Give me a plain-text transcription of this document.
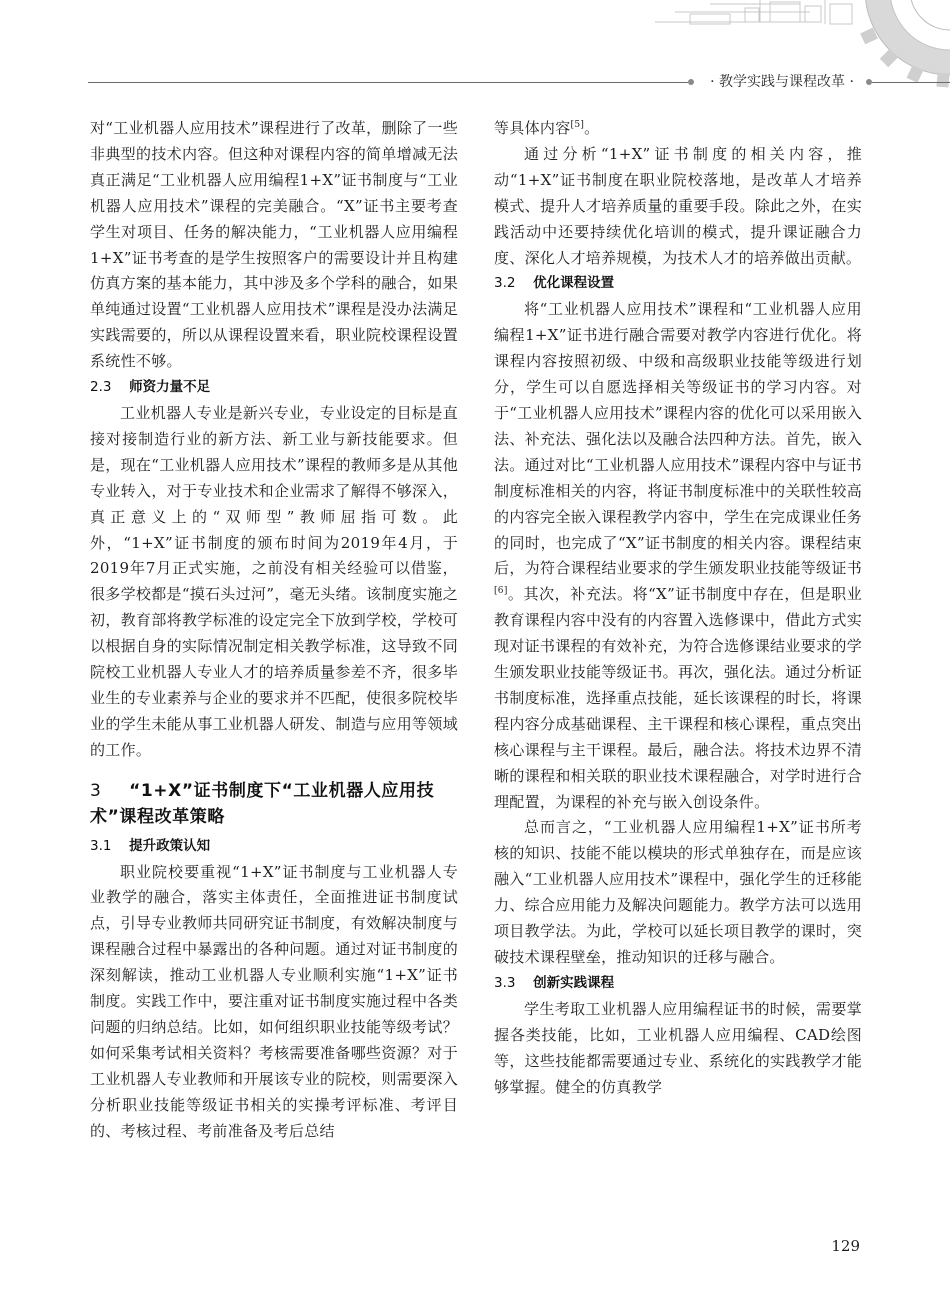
· 教学实践与课程改革 ·

对“工业机器人应用技术”课程进行了改革，删除了一些非典型的技术内容。但这种对课程内容的简单增减无法真正满足“工业机器人应用编程1+X”证书制度与“工业机器人应用技术”课程的完美融合。“X”证书主要考查学生对项目、任务的解决能力，“工业机器人应用编程1+X”证书考查的是学生按照客户的需要设计并且构建仿真方案的基本能力，其中涉及多个学科的融合，如果单纯通过设置“工业机器人应用技术”课程是没办法满足实践需要的，所以从课程设置来看，职业院校课程设置系统性不够。

2.3 师资力量不足

工业机器人专业是新兴专业，专业设定的目标是直接对接制造行业的新方法、新工业与新技能要求。但是，现在“工业机器人应用技术”课程的教师多是从其他专业转入，对于专业技术和企业需求了解得不够深入，真正意义上的“双师型”教师屈指可数。此外，“1+X”证书制度的颁布时间为2019年4月，于2019年7月正式实施，之前没有相关经验可以借鉴，很多学校都是“摸石头过河”，毫无头绪。该制度实施之初，教育部将教学标准的设定完全下放到学校，学校可以根据自身的实际情况制定相关教学标准，这导致不同院校工业机器人专业人才的培养质量参差不齐，很多毕业生的专业素养与企业的要求并不匹配，使很多院校毕业的学生未能从事工业机器人研发、制造与应用等领域的工作。

3 “1+X”证书制度下“工业机器人应用技术”课程改革策略
3.1 提升政策认知

职业院校要重视“1+X”证书制度与工业机器人专业教学的融合，落实主体责任，全面推进证书制度试点，引导专业教师共同研究证书制度，有效解决制度与课程融合过程中暴露出的各种问题。通过对证书制度的深刻解读，推动工业机器人专业顺利实施“1+X”证书制度。实践工作中，要注重对证书制度实施过程中各类问题的归纳总结。比如，如何组织职业技能等级考试？如何采集考试相关资料？考核需要准备哪些资源？对于工业机器人专业教师和开展该专业的院校，则需要深入分析职业技能等级证书相关的实操考评标准、考评目的、考核过程、考前准备及考后总结

等具体内容[5]。

通过分析“1+X”证书制度的相关内容，推动“1+X”证书制度在职业院校落地，是改革人才培养模式、提升人才培养质量的重要手段。除此之外，在实践活动中还要持续优化培训的模式，提升课证融合力度、深化人才培养规模，为技术人才的培养做出贡献。

3.2 优化课程设置

将“工业机器人应用技术”课程和“工业机器人应用编程1+X”证书进行融合需要对教学内容进行优化。将课程内容按照初级、中级和高级职业技能等级进行划分，学生可以自愿选择相关等级证书的学习内容。对于“工业机器人应用技术”课程内容的优化可以采用嵌入法、补充法、强化法以及融合法四种方法。首先，嵌入法。通过对比“工业机器人应用技术”课程内容中与证书制度标准相关的内容，将证书制度标准中的关联性较高的内容完全嵌入课程教学内容中，学生在完成课业任务的同时，也完成了“X”证书制度的相关内容。课程结束后，为符合课程结业要求的学生颁发职业技能等级证书[6]。其次，补充法。将“X”证书制度中存在，但是职业教育课程内容中没有的内容置入选修课中，借此方式实现对证书课程的有效补充，为符合选修课结业要求的学生颁发职业技能等级证书。再次，强化法。通过分析证书制度标准，选择重点技能，延长该课程的时长，将课程内容分成基础课程、主干课程和核心课程，重点突出核心课程与主干课程。最后，融合法。将技术边界不清晰的课程和相关联的职业技术课程融合，对学时进行合理配置，为课程的补充与嵌入创设条件。

总而言之，“工业机器人应用编程1+X”证书所考核的知识、技能不能以模块的形式单独存在，而是应该融入“工业机器人应用技术”课程中，强化学生的迁移能力、综合应用能力及解决问题能力。教学方法可以选用项目教学法。为此，学校可以延长项目教学的课时，突破技术课程壁垒，推动知识的迁移与融合。

3.3 创新实践课程

学生考取工业机器人应用编程证书的时候，需要掌握各类技能，比如，工业机器人应用编程、CAD绘图等，这些技能都需要通过专业、系统化的实践教学才能够掌握。健全的仿真教学

129
